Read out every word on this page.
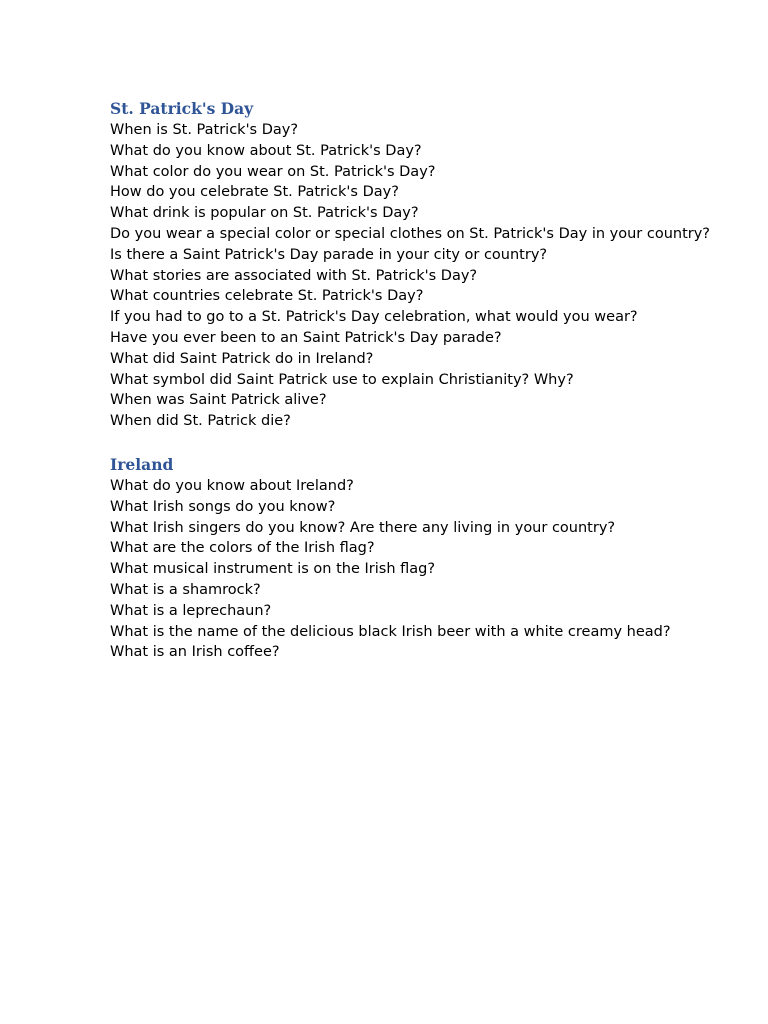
St. Patrick's Day
When is St. Patrick's Day?
What do you know about St. Patrick's Day?
What color do you wear on St. Patrick's Day?
How do you celebrate St. Patrick's Day?
What drink is popular on St. Patrick's Day?
Do you wear a special color or special clothes on St. Patrick's Day in your country?
Is there a Saint Patrick's Day parade in your city or country?
What stories are associated with St. Patrick's Day?
What countries celebrate St. Patrick's Day?
If you had to go to a St. Patrick's Day celebration, what would you wear?
Have you ever been to an Saint Patrick's Day parade?
What did Saint Patrick do in Ireland?
What symbol did Saint Patrick use to explain Christianity? Why?
When was Saint Patrick alive?
When did St. Patrick die?
Ireland
What do you know about Ireland?
What Irish songs do you know?
What Irish singers do you know? Are there any living in your country?
What are the colors of the Irish flag?
What musical instrument is on the Irish flag?
What is a shamrock?
What is a leprechaun?
What is the name of the delicious black Irish beer with a white creamy head?
What is an Irish coffee?
